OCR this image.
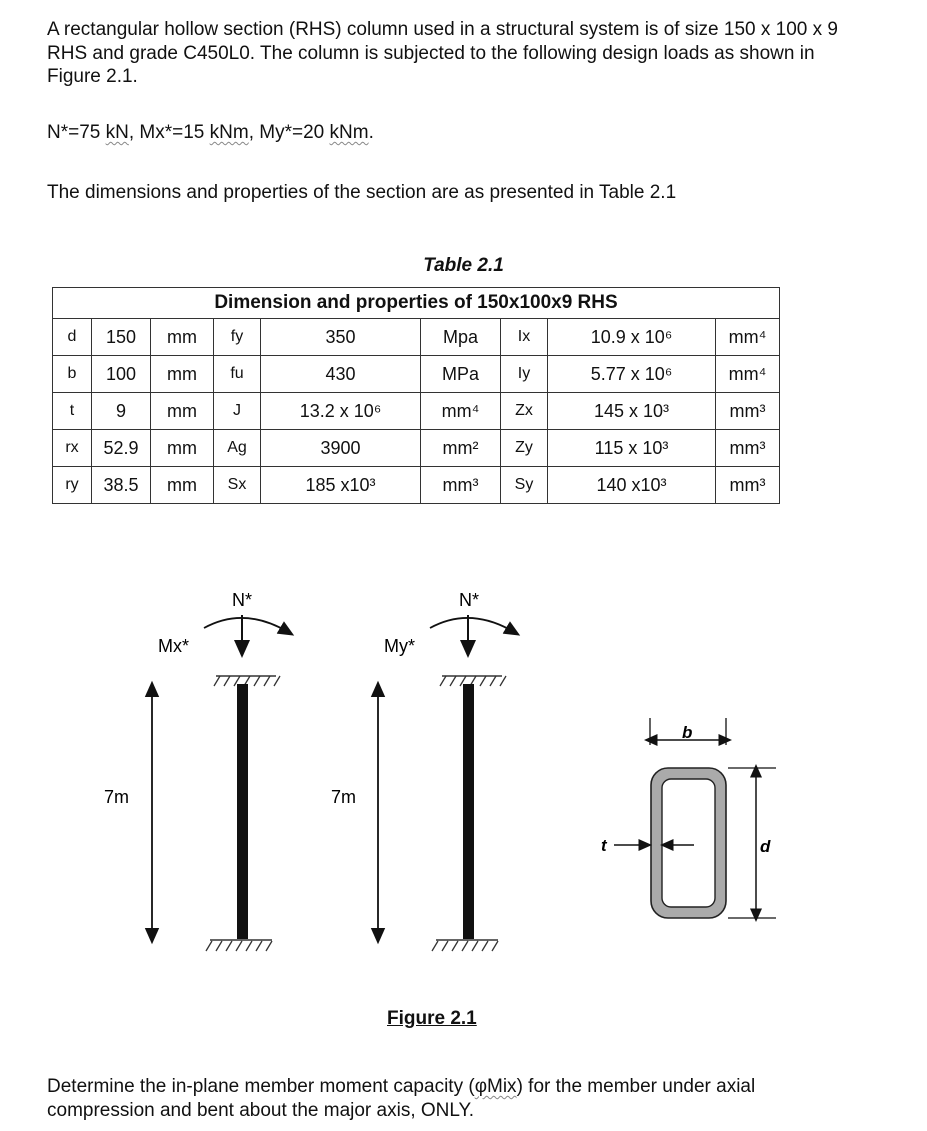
A rectangular hollow section (RHS) column used in a structural system is of size 150 x 100 x 9 RHS and grade C450L0. The column is subjected to the following design loads as shown in Figure 2.1.

N*=75 kN, Mx*=15 kNm, My*=20 kNm.

The dimensions and properties of the section are as presented in Table 2.1

Table 2.1
Dimension and properties of 150x100x9 RHS								
d	150	mm	fy	350	Mpa	Ix	10.9 x 10⁶	mm⁴
b	100	mm	fu	430	MPa	Iy	5.77 x 10⁶	mm⁴
t	9	mm	J	13.2 x 10⁶	mm⁴	Zx	145 x 10³	mm³
rx	52.9	mm	Ag	3900	mm²	Zy	115 x 10³	mm³
ry	38.5	mm	Sx	185 x10³	mm³	Sy	140 x10³	mm³
N*
Mx*
7m
N*
My*
7m
b
d
t
Figure 2.1

Determine the in-plane member moment capacity (φMix) for the member under axial compression and bent about the major axis, ONLY.
